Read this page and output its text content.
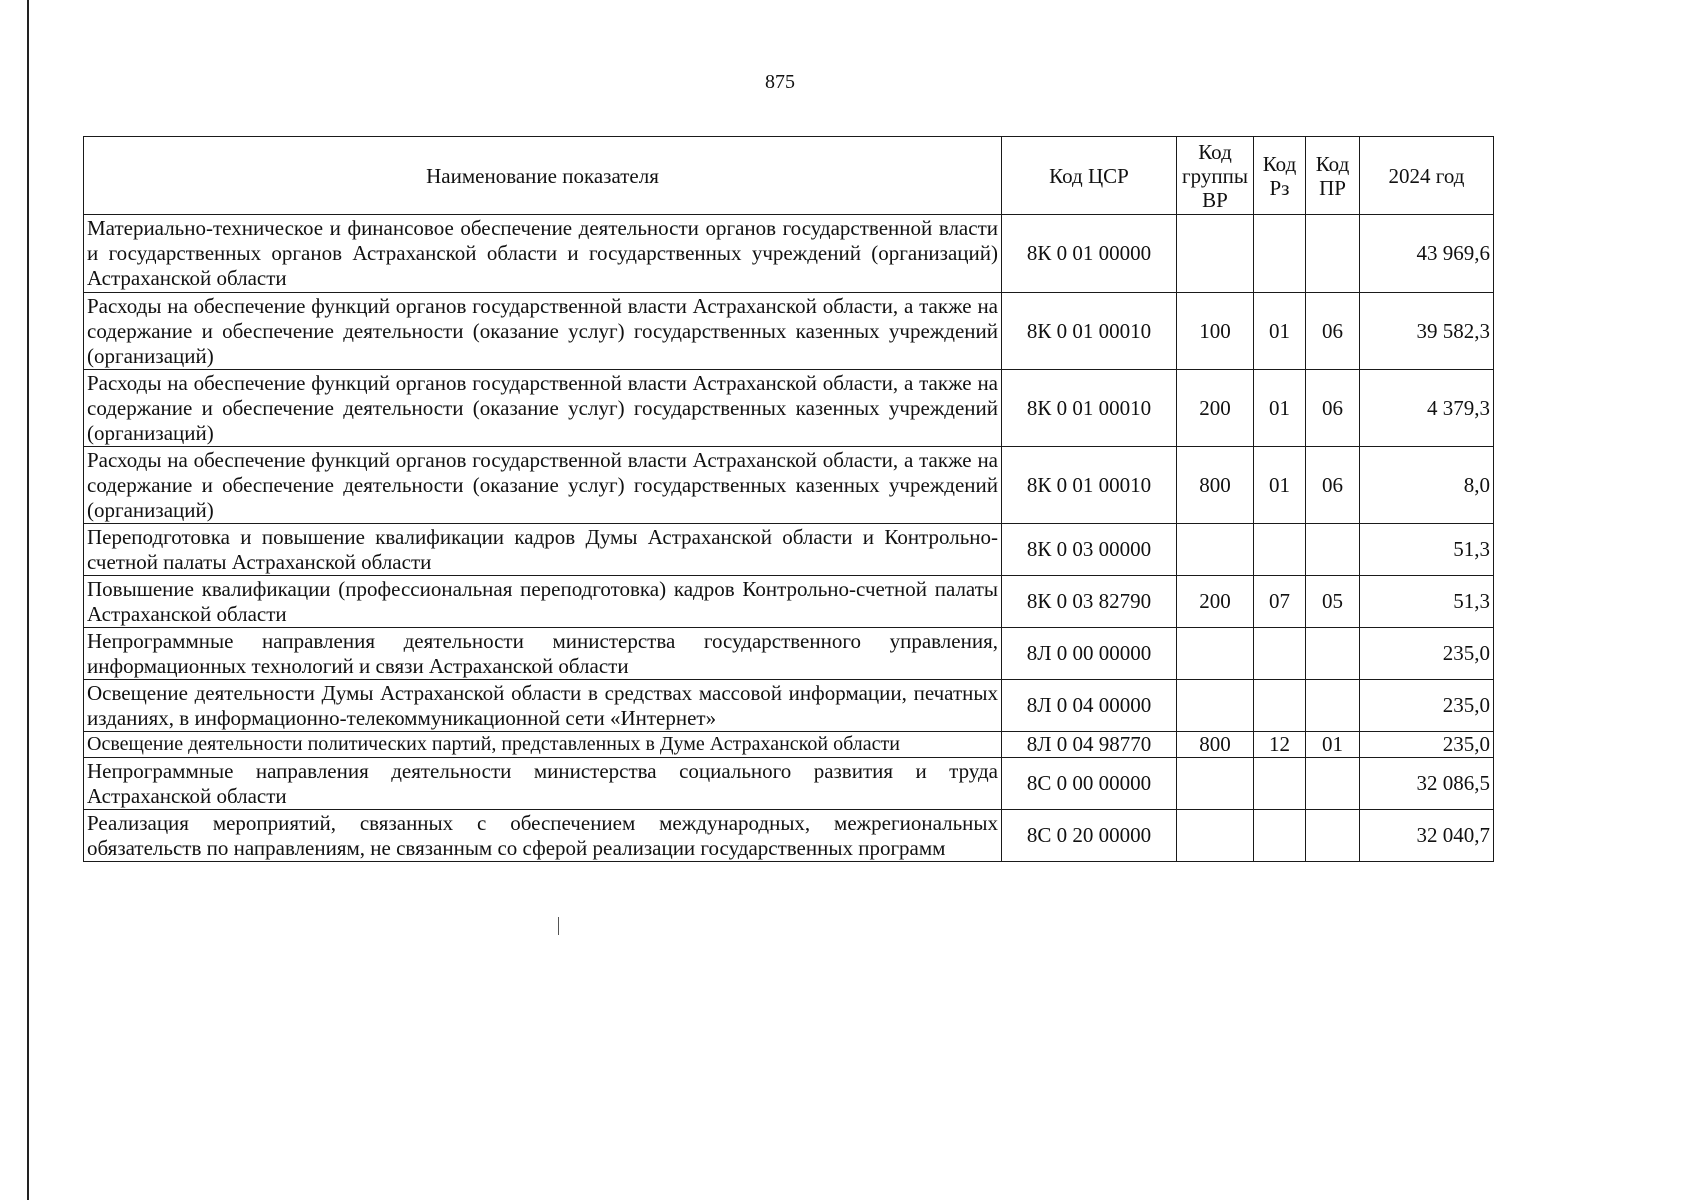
875
Наименование показателя	Код ЦСР	Код группы ВР	Код Рз	Код ПР	2024 год
Материально-техническое и финансовое обеспечение деятельности органов государственной власти и государственных органов Астраханской области и государственных учреждений (организаций) Астраханской области	8К 0 01 00000				43 969,6
Расходы на обеспечение функций органов государственной власти Астраханской области, а также на содержание и обеспечение деятельности (оказание услуг) государственных казенных учреждений (организаций)	8К 0 01 00010	100	01	06	39 582,3
Расходы на обеспечение функций органов государственной власти Астраханской области, а также на содержание и обеспечение деятельности (оказание услуг) государственных казенных учреждений (организаций)	8К 0 01 00010	200	01	06	4 379,3
Расходы на обеспечение функций органов государственной власти Астраханской области, а также на содержание и обеспечение деятельности (оказание услуг) государственных казенных учреждений (организаций)	8К 0 01 00010	800	01	06	8,0
Переподготовка и повышение квалификации кадров Думы Астраханской области и Контрольно-счетной палаты Астраханской области	8К 0 03 00000				51,3
Повышение квалификации (профессиональная переподготовка) кадров Контрольно-счетной палаты Астраханской области	8К 0 03 82790	200	07	05	51,3
Непрограммные направления деятельности министерства государственного управления, информационных технологий и связи Астраханской области	8Л 0 00 00000				235,0
Освещение деятельности Думы Астраханской области в средствах массовой информации, печатных изданиях, в информационно-телекоммуникационной сети «Интернет»	8Л 0 04 00000				235,0
Освещение деятельности политических партий, представленных в Думе Астраханской области	8Л 0 04 98770	800	12	01	235,0
Непрограммные направления деятельности министерства социального развития и труда Астраханской области	8С 0 00 00000				32 086,5
Реализация мероприятий, связанных с обеспечением международных, межрегиональных обязательств по направлениям, не связанным со сферой реализации государственных программ	8С 0 20 00000				32 040,7
